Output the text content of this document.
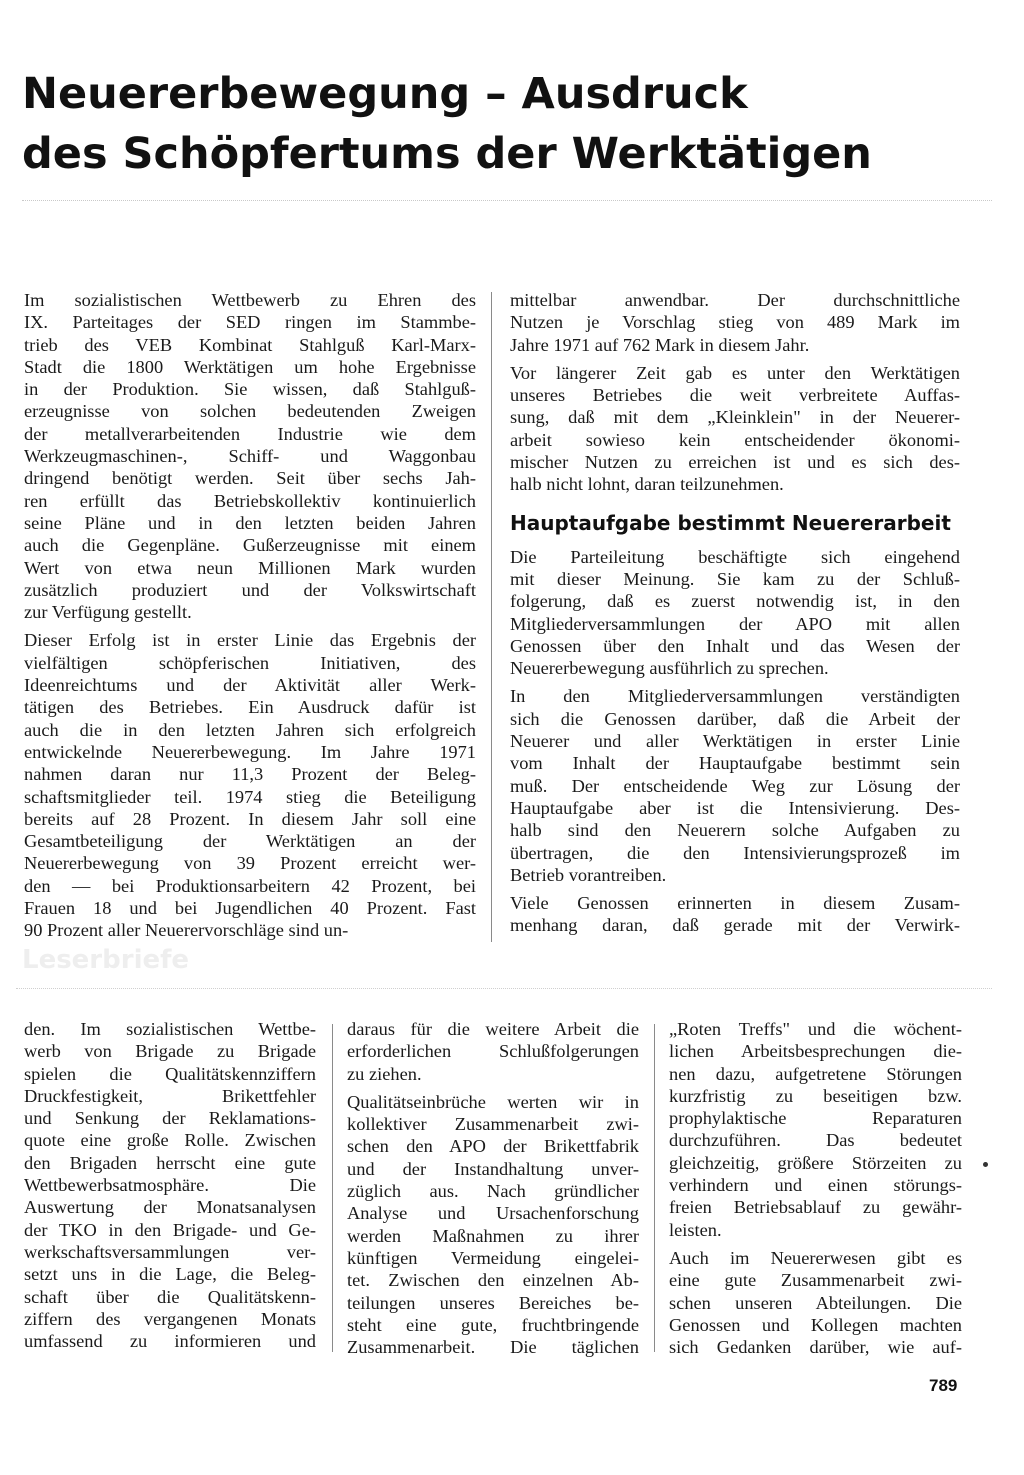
Neuererbewegung – Ausdruck
des Schöpfertums der Werktätigen

Im sozialistischen Wettbewerb zu Ehren des
IX. Parteitages der SED ringen im Stammbe-
trieb des VEB Kombinat Stahlguß Karl-Marx-
Stadt die 1800 Werktätigen um hohe Ergebnisse
in der Produktion. Sie wissen, daß Stahlguß-
erzeugnisse von solchen bedeutenden Zweigen
der metallverarbeitenden Industrie wie dem
Werkzeugmaschinen-, Schiff- und Waggonbau
dringend benötigt werden. Seit über sechs Jah-
ren erfüllt das Betriebskollektiv kontinuierlich
seine Pläne und in den letzten beiden Jahren
auch die Gegenpläne. Gußerzeugnisse mit einem
Wert von etwa neun Millionen Mark wurden
zusätzlich produziert und der Volkswirtschaft
zur Verfügung gestellt.

Dieser Erfolg ist in erster Linie das Ergebnis der
vielfältigen schöpferischen Initiativen, des
Ideenreichtums und der Aktivität aller Werk-
tätigen des Betriebes. Ein Ausdruck dafür ist
auch die in den letzten Jahren sich erfolgreich
entwickelnde Neuererbewegung. Im Jahre 1971
nahmen daran nur 11,3 Prozent der Beleg-
schaftsmitglieder teil. 1974 stieg die Beteiligung
bereits auf 28 Prozent. In diesem Jahr soll eine
Gesamtbeteiligung der Werktätigen an der
Neuererbewegung von 39 Prozent erreicht wer-
den — bei Produktionsarbeitern 42 Prozent, bei
Frauen 18 und bei Jugendlichen 40 Prozent. Fast
90 Prozent aller Neuerervorschläge sind un-

mittelbar anwendbar. Der durchschnittliche
Nutzen je Vorschlag stieg von 489 Mark im
Jahre 1971 auf 762 Mark in diesem Jahr.

Vor längerer Zeit gab es unter den Werktätigen
unseres Betriebes die weit verbreitete Auffas-
sung, daß mit dem „Kleinklein" in der Neuerer-
arbeit sowieso kein entscheidender ökonomi-
mischer Nutzen zu erreichen ist und es sich des-
halb nicht lohnt, daran teilzunehmen.

Hauptaufgabe bestimmt Neuererarbeit

Die Parteileitung beschäftigte sich eingehend
mit dieser Meinung. Sie kam zu der Schluß-
folgerung, daß es zuerst notwendig ist, in den
Mitgliederversammlungen der APO mit allen
Genossen über den Inhalt und das Wesen der
Neuererbewegung ausführlich zu sprechen.

In den Mitgliederversammlungen verständigten
sich die Genossen darüber, daß die Arbeit der
Neuerer und aller Werktätigen in erster Linie
vom Inhalt der Hauptaufgabe bestimmt sein
muß. Der entscheidende Weg zur Lösung der
Hauptaufgabe aber ist die Intensivierung. Des-
halb sind den Neuerern solche Aufgaben zu
übertragen, die den Intensivierungsprozeß im
Betrieb vorantreiben.

Viele Genossen erinnerten in diesem Zusam-
menhang daran, daß gerade mit der Verwirk-

Leserbriefe

den. Im sozialistischen Wettbe-
werb von Brigade zu Brigade
spielen die Qualitätskennziffern
Druckfestigkeit, Brikettfehler
und Senkung der Reklamations-
quote eine große Rolle. Zwischen
den Brigaden herrscht eine gute
Wettbewerbsatmosphäre. Die
Auswertung der Monatsanalysen
der TKO in den Brigade- und Ge-
werkschaftsversammlungen ver-
setzt uns in die Lage, die Beleg-
schaft über die Qualitätskenn-
ziffern des vergangenen Monats
umfassend zu informieren und

daraus für die weitere Arbeit die
erforderlichen Schlußfolgerungen
zu ziehen.

Qualitätseinbrüche werten wir in
kollektiver Zusammenarbeit zwi-
schen den APO der Brikettfabrik
und der Instandhaltung unver-
züglich aus. Nach gründlicher
Analyse und Ursachenforschung
werden Maßnahmen zu ihrer
künftigen Vermeidung eingelei-
tet. Zwischen den einzelnen Ab-
teilungen unseres Bereiches be-
steht eine gute, fruchtbringende
Zusammenarbeit. Die täglichen

„Roten Treffs" und die wöchent-
lichen Arbeitsbesprechungen die-
nen dazu, aufgetretene Störungen
kurzfristig zu beseitigen bzw.
prophylaktische Reparaturen
durchzuführen. Das bedeutet
gleichzeitig, größere Störzeiten zu
verhindern und einen störungs-
freien Betriebsablauf zu gewähr-
leisten.

Auch im Neuererwesen gibt es
eine gute Zusammenarbeit zwi-
schen unseren Abteilungen. Die
Genossen und Kollegen machten
sich Gedanken darüber, wie auf-

789
